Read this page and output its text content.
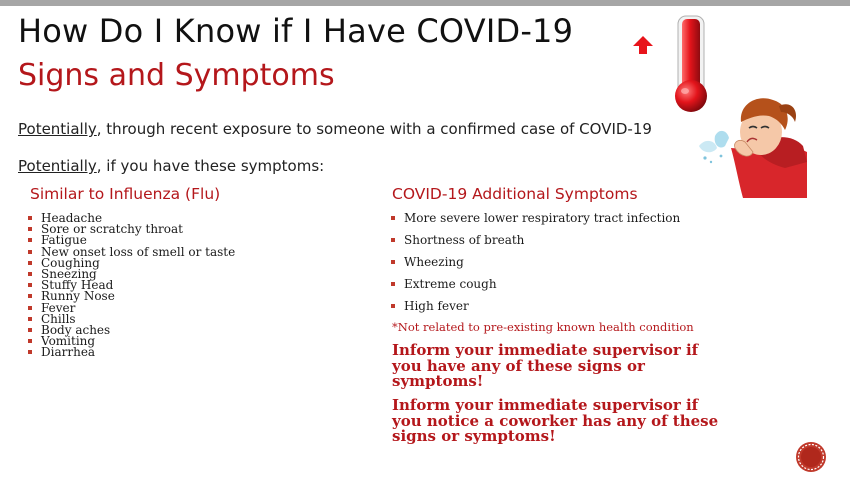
How Do I Know if I Have COVID-19
Signs and Symptoms
Potentially, through recent exposure to someone with a confirmed case of COVID-19
Potentially, if you have these symptoms:
Similar to Influenza (Flu)
Headache
Sore or scratchy throat
Fatigue
New onset loss of smell or taste
Coughing
Sneezing
Stuffy Head
Runny Nose
Fever
Chills
Body aches
Vomiting
Diarrhea
COVID-19 Additional Symptoms
More severe lower respiratory tract infection
Shortness of breath
Wheezing
Extreme cough
High fever
*Not related to pre-existing known health condition
Inform your immediate supervisor if you have any of these signs or symptoms!
Inform your immediate supervisor if you notice a coworker has any of these signs or symptoms!
